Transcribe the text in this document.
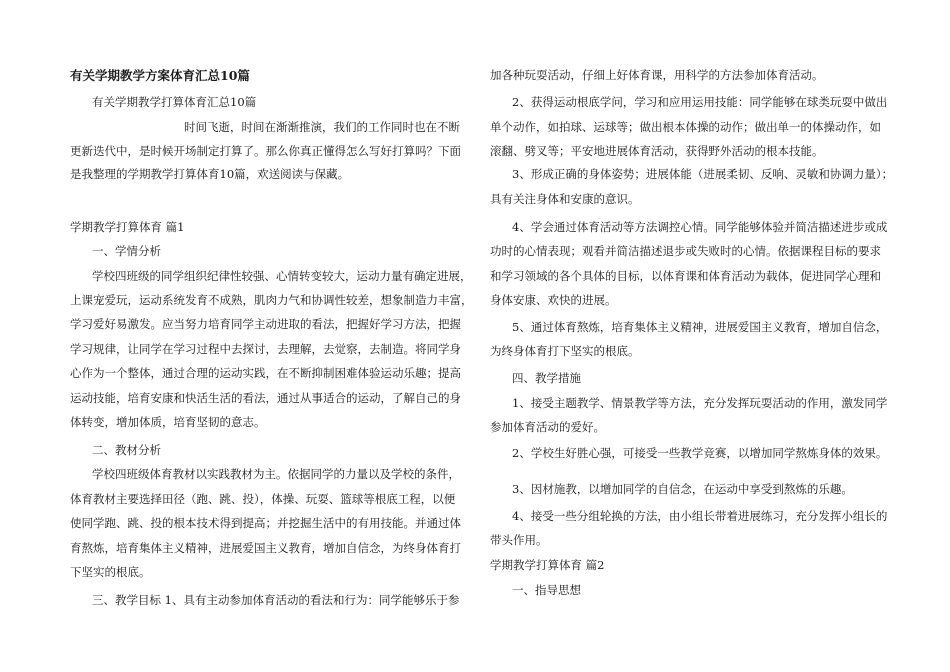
有关学期教学方案体育汇总10篇
有关学期教学打算体育汇总10篇
时间飞逝，时间在渐渐推演，我们的工作同时也在不断
更新迭代中，是时候开场制定打算了。那么你真正懂得怎么写好打算吗？下面
是我整理的学期教学打算体育10篇，欢送阅读与保藏。
学期教学打算体育 篇1
一、学情分析
学校四班级的同学组织纪律性较强、心情转变较大，运动力量有确定进展，
上课宠爱玩，运动系统发育不成熟，肌肉力气和协调性较差，想象制造力丰富，
学习爱好易激发。应当努力培育同学主动进取的看法，把握好学习方法，把握
学习规律，让同学在学习过程中去探讨，去理解，去觉察，去制造。将同学身
心作为一个整体，通过合理的运动实践，在不断抑制困难体验运动乐趣；提高
运动技能，培育安康和快活生活的看法，通过从事适合的运动，了解自己的身
体转变，增加体质，培育坚韧的意志。
二、教材分析
学校四班级体育教材以实践教材为主。依据同学的力量以及学校的条件，
体育教材主要选择田径（跑、跳、投），体操、玩耍、篮球等根底工程，以便
使同学跑、跳、投的根本技术得到提高；并挖掘生活中的有用技能。并通过体
育熬炼，培育集体主义精神，进展爱国主义教育，增加自信念，为终身体育打
下坚实的根底。
三、教学目标 1、具有主动参加体育活动的看法和行为：同学能够乐于参
加各种玩耍活动，仔细上好体育课，用科学的方法参加体育活动。
2、获得运动根底学问，学习和应用运用技能：同学能够在球类玩耍中做出
单个动作，如拍球、运球等；做出根本体操的动作；做出单一的体操动作，如
滚翻、劈叉等；平安地进展体育活动，获得野外活动的根本技能。
3、形成正确的身体姿势；进展体能（进展柔韧、反响、灵敏和协调力量）；
具有关注身体和安康的意识。
4、学会通过体育活动等方法调控心情。同学能够体验并简洁描述进步或成
功时的心情表现；观看并简洁描述退步或失败时的心情。依据课程目标的要求
和学习领域的各个具体的目标，以体育课和体育活动为载体，促进同学心理和
身体安康、欢快的进展。
5、通过体育熬炼，培育集体主义精神，进展爱国主义教育，增加自信念，
为终身体育打下坚实的根底。
四、教学措施
1、接受主题教学、情景教学等方法，充分发挥玩耍活动的作用，激发同学
参加体育活动的爱好。
2、学校生好胜心强，可接受一些教学竞赛，以增加同学熬炼身体的效果。
3、因材施教，以增加同学的自信念，在运动中享受到熬炼的乐趣。
4、接受一些分组轮换的方法，由小组长带着进展练习，充分发挥小组长的
带头作用。
学期教学打算体育 篇2
一、指导思想
